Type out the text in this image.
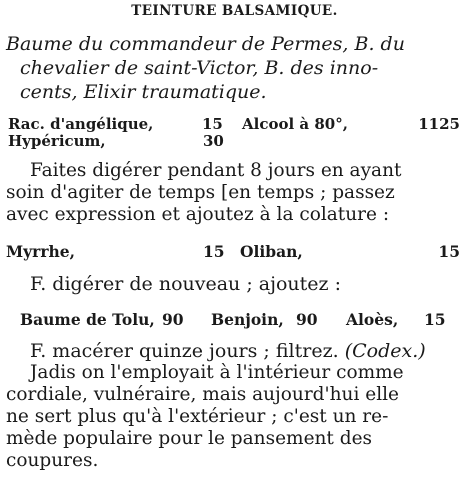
TEINTURE BALSAMIQUE.
Baume du commandeur de Permes, B. du
chevalier de saint-Victor, B. des inno-
cents, Elixir traumatique.
Rac. d'angélique,	15 Alcool à 80°,	1125
Hypéricum,	30
Faites digérer pendant 8 jours en ayant
soin d'agiter de temps [en temps ; passez
avec expression et ajoutez à la colature :
Myrrhe,	15 Oliban,	15
F. digérer de nouveau ; ajoutez :
Baume de Tolu, 90 Benjoin, 90 Aloès, 15
F. macérer quinze jours ; filtrez. (Codex.)
Jadis on l'employait à l'intérieur comme
cordiale, vulnéraire, mais aujourd'hui elle
ne sert plus qu'à l'extérieur ; c'est un re-
mède populaire pour le pansement des
coupures.
